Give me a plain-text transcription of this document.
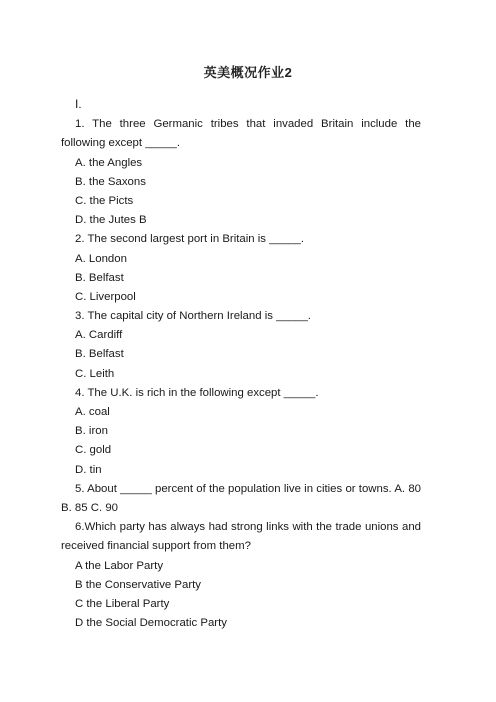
英美概况作业2
Ⅰ.
1. The three Germanic tribes that invaded Britain include the following except _____.
A. the Angles
B. the Saxons
C. the Picts
D. the Jutes B
2. The second largest port in Britain is _____.
A. London
B. Belfast
C. Liverpool
3. The capital city of Northern Ireland is _____.
A. Cardiff
B. Belfast
C. Leith
4. The U.K. is rich in the following except _____.
A. coal
B. iron
C. gold
D. tin
5. About _____ percent of the population live in cities or towns. A. 80 B. 85 C. 90
6.Which party has always had strong links with the trade unions and received financial support from them?
A the Labor Party
B the Conservative Party
C the Liberal Party
D the Social Democratic Party
